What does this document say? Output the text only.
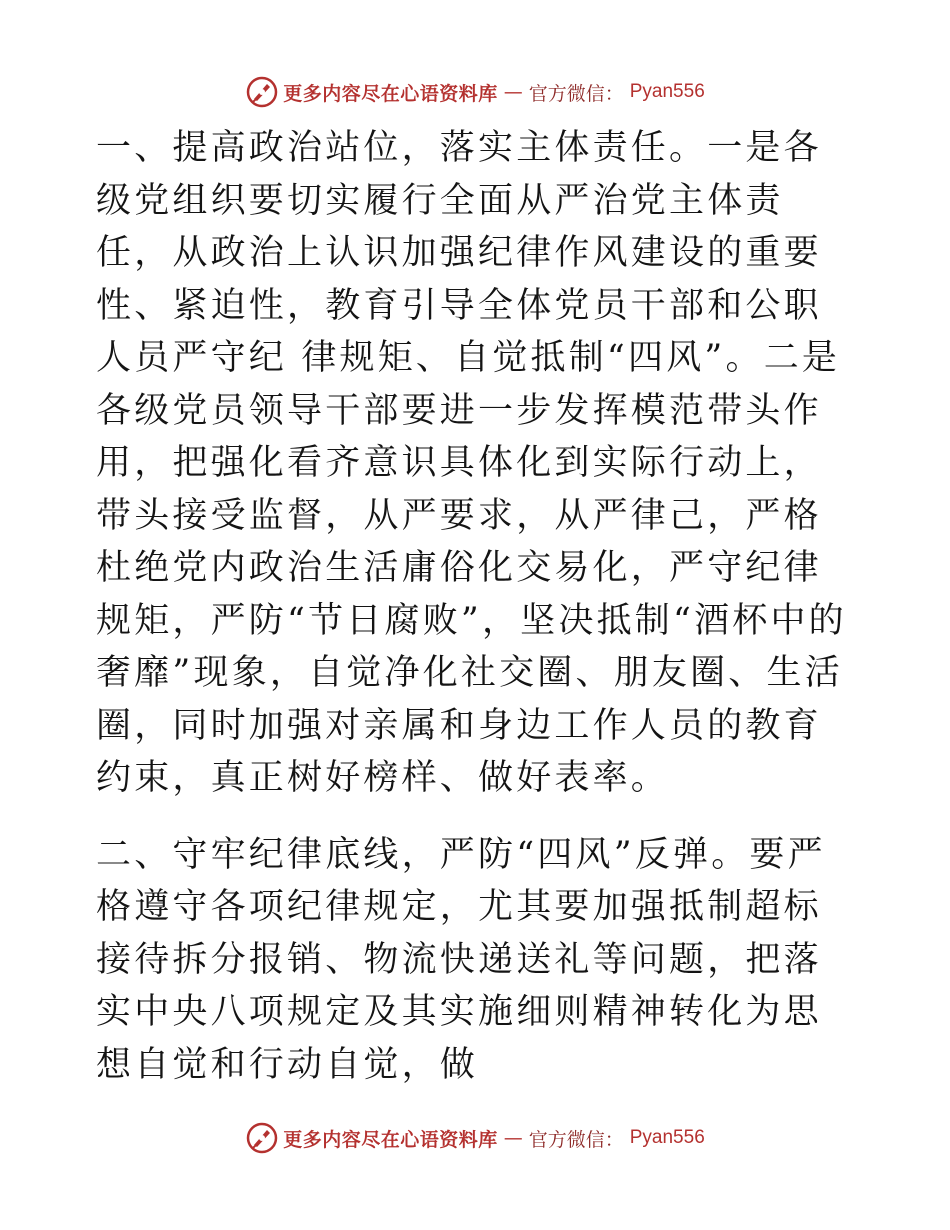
更多内容尽在心语资料库 — 官方微信： Pyan556

一、提高政治站位，落实主体责任。一是各级党组织要切实履行全面从严治党主体责任，从政治上认识加强纪律作风建设的重要性、紧迫性，教育引导全体党员干部和公职人员严守纪 律规矩、自觉抵制“四风”。二是各级党员领导干部要进一步发挥模范带头作用，把强化看齐意识具体化到实际行动上，带头接受监督，从严要求，从严律己，严格杜绝党内政治生活庸俗化交易化，严守纪律规矩，严防“节日腐败”，坚决抵制“酒杯中的奢靡”现象，自觉净化社交圈、朋友圈、生活圈，同时加强对亲属和身边工作人员的教育约束，真正树好榜样、做好表率。

二、守牢纪律底线，严防“四风”反弹。要严格遵守各项纪律规定，尤其要加强抵制超标接待拆分报销、物流快递送礼等问题，把落实中央八项规定及其实施细则精神转化为思想自觉和行动自觉，做

更多内容尽在心语资料库 — 官方微信： Pyan556
